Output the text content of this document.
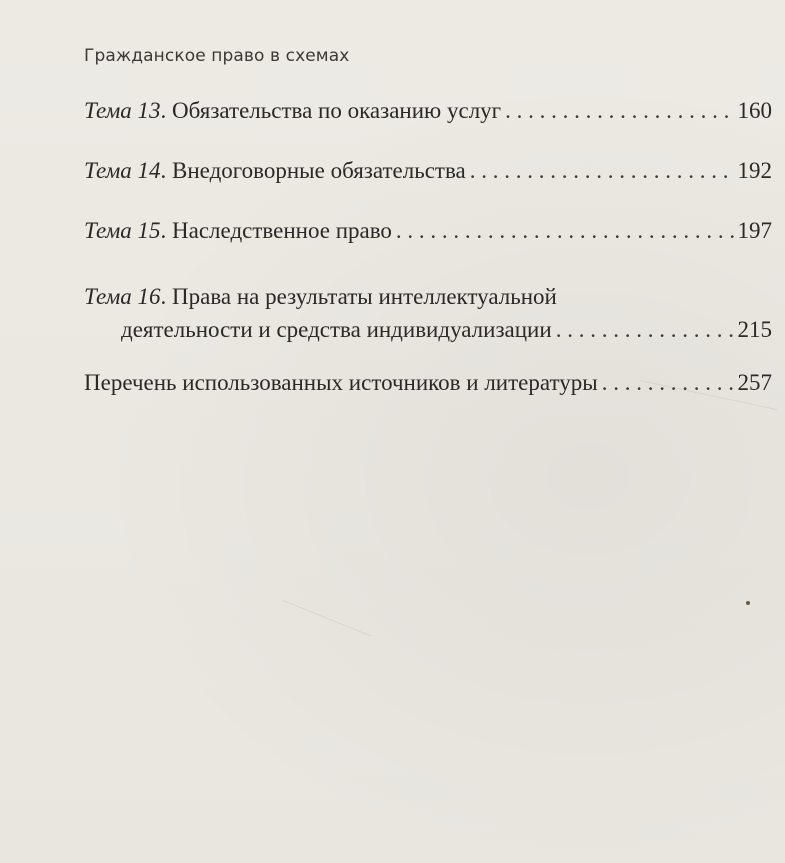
Гражданское право в схемах
Тема 13 . Обязательства по оказанию услуг . . .	160
Тема 14 . Внедоговорные обязательства . . .	192
Тема 15 . Наследственное право . . .	197
Тема 16 . Права на результаты интеллектуальной
деятельности и средства индивидуализации . . .	215
Перечень использованных источников и литературы . . .	257
